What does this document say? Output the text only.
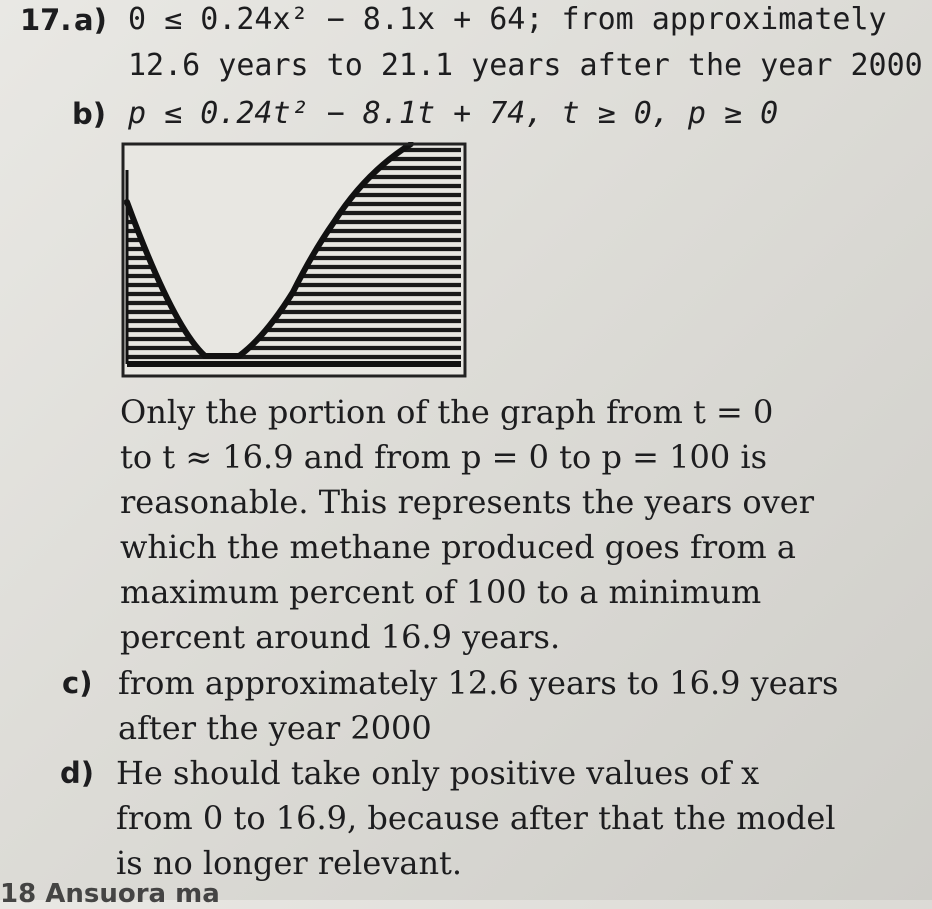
17. a) 0 ≤ 0.24x² − 8.1x + 64; from approximately
12.6 years to 21.1 years after the year 2000
b) p ≤ 0.24t² − 8.1t + 74, t ≥ 0, p ≥ 0
Only the portion of the graph from t = 0
to t ≈ 16.9 and from p = 0 to p = 100 is
reasonable. This represents the years over
which the methane produced goes from a
maximum percent of 100 to a minimum
percent around 16.9 years.
c) from approximately 12.6 years to 16.9 years
after the year 2000
d) He should take only positive values of x
from 0 to 16.9, because after that the model
is no longer relevant.
18 Ansuora ma
